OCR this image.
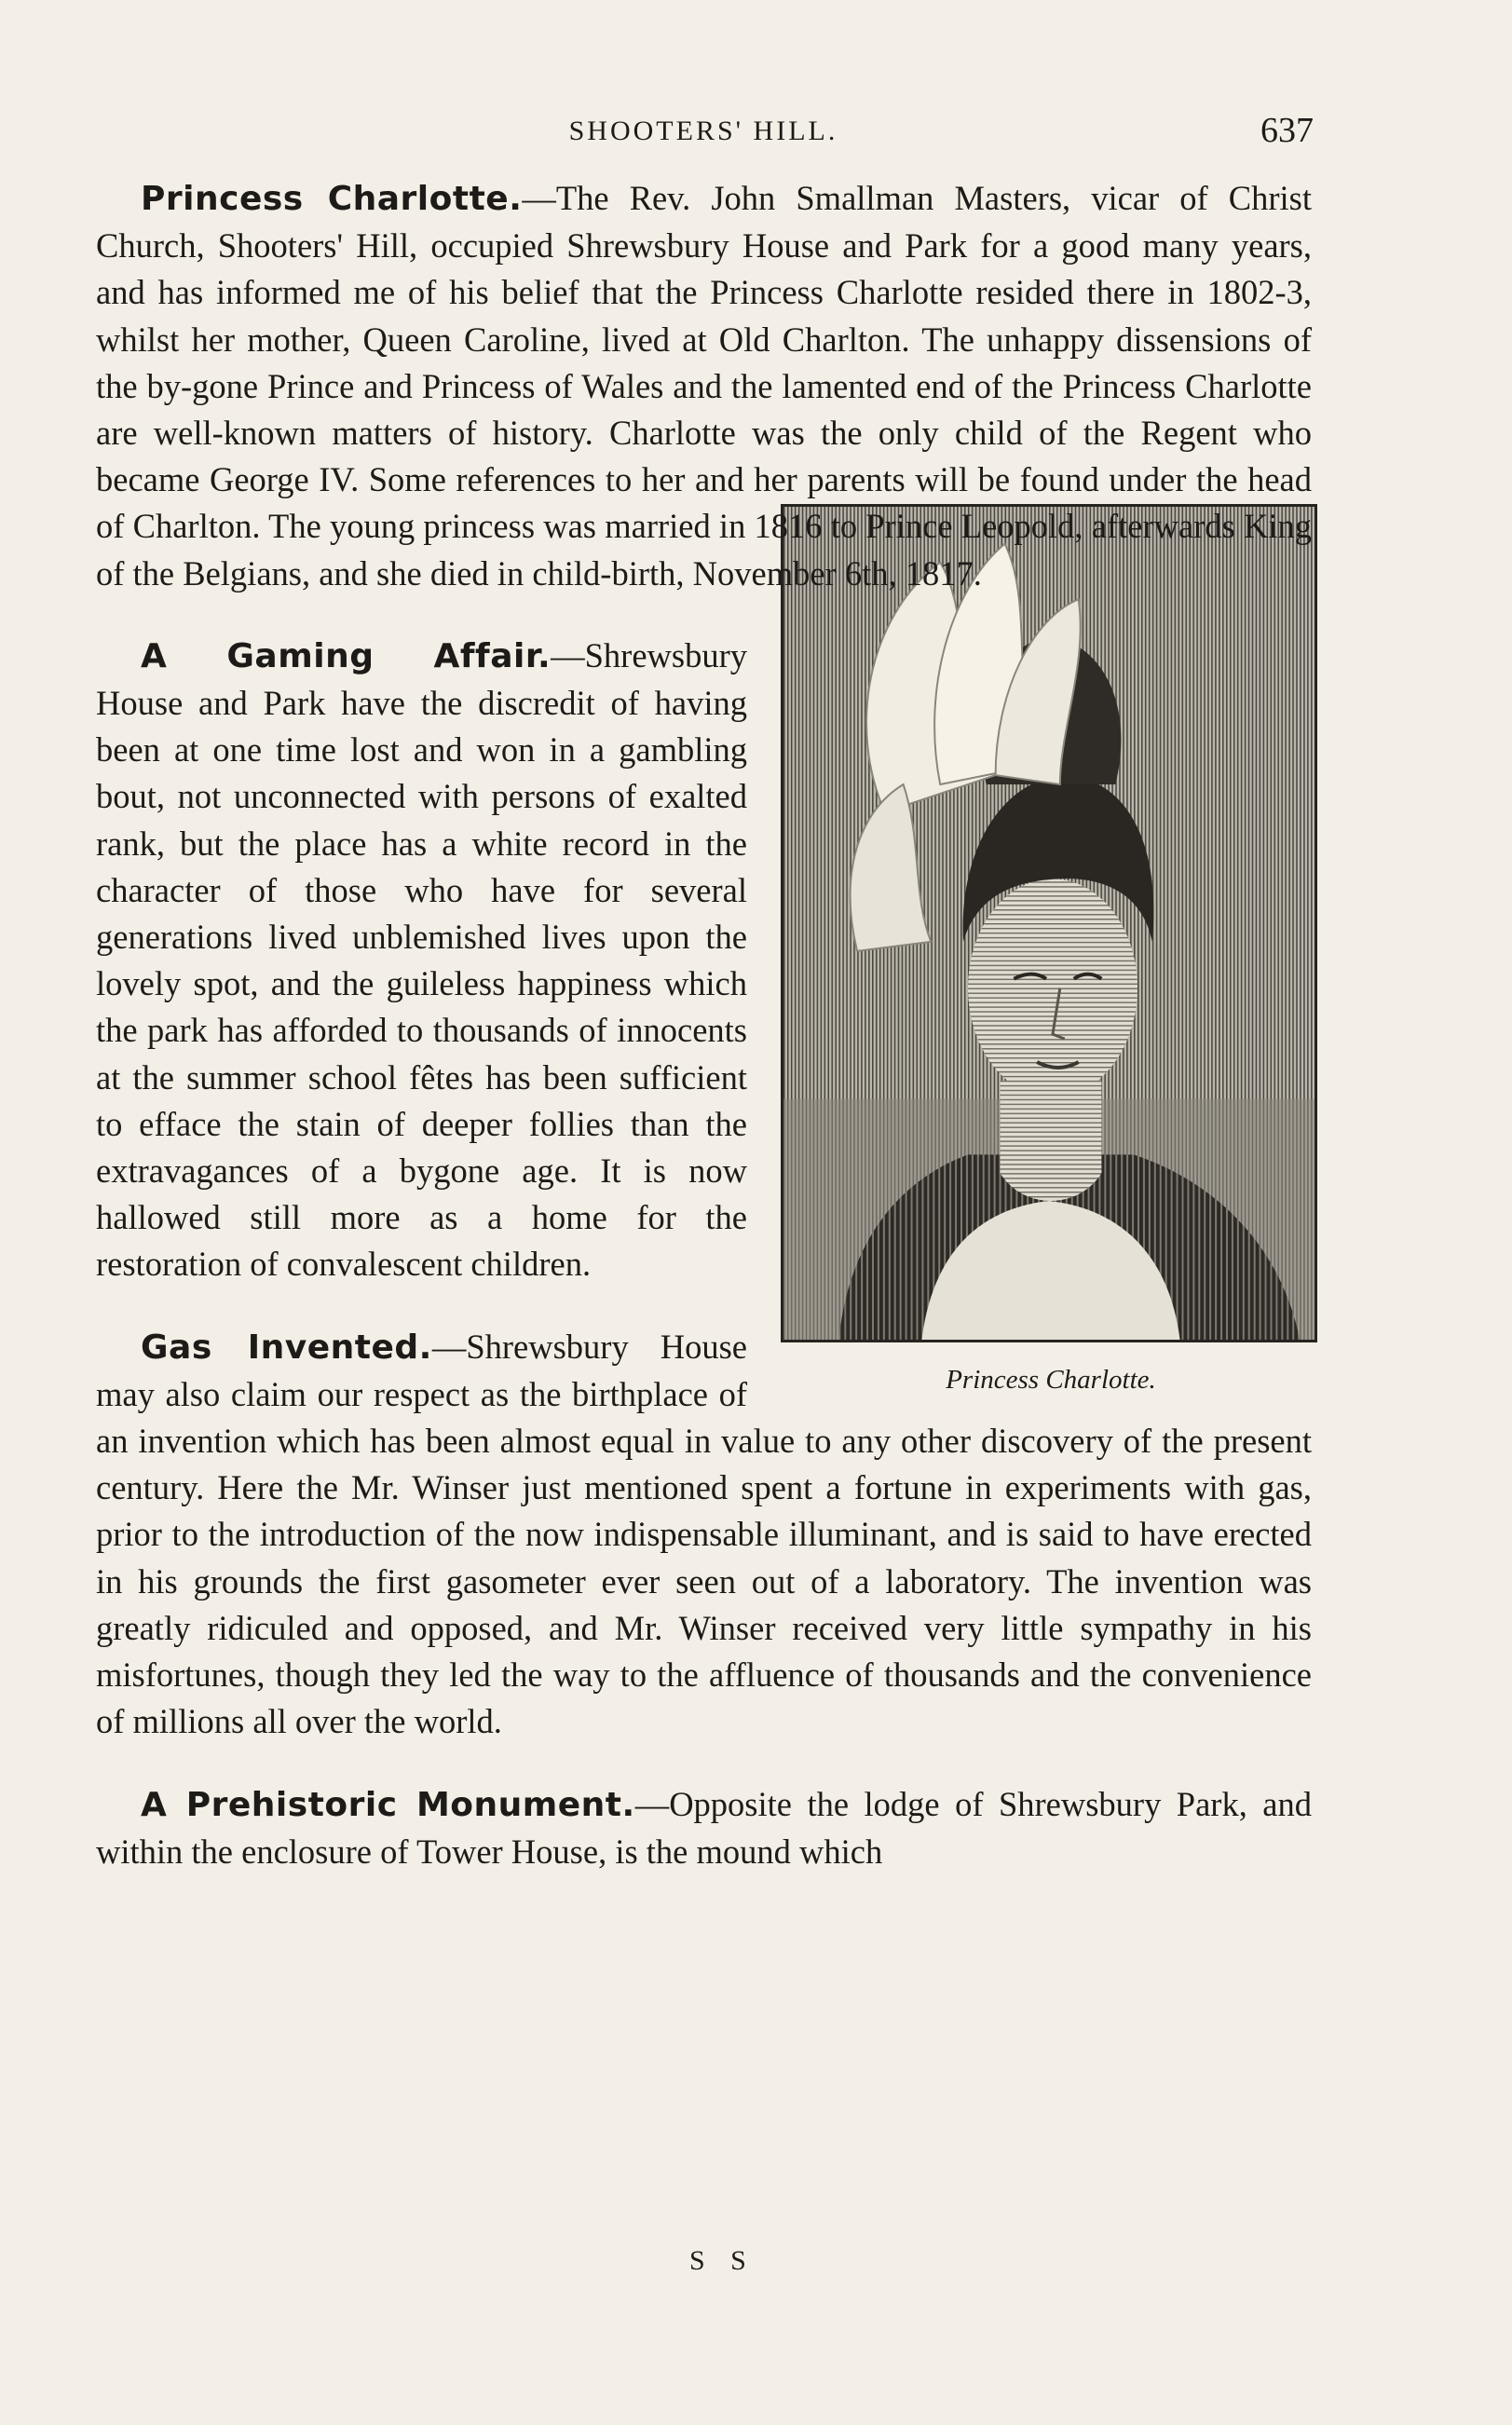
SHOOTERS' HILL.	637

Princess Charlotte.—The Rev. John Smallman Masters, vicar of Christ Church, Shooters' Hill, occupied Shrewsbury House and Park for a good many years, and has informed me of his belief that the Princess Charlotte resided there in 1802-3, whilst her mother, Queen Caroline, lived at Old Charlton. The unhappy dissensions of the by-gone Prince and Princess of Wales and the lamented end of the Princess Charlotte are well-known matters of history. Charlotte was the only child of the Regent who became George IV. Some references to her and her parents will be found under the head of Charlton. The young princess was married in 1816 to Prince Leopold, afterwards King of the Belgians, and she died in child-birth, November 6th, 1817.

Princess Charlotte.

A Gaming Affair.—Shrewsbury House and Park have the discredit of having been at one time lost and won in a gambling bout, not unconnected with persons of exalted rank, but the place has a white record in the character of those who have for several generations lived unblemished lives upon the lovely spot, and the guileless happiness which the park has afforded to thousands of innocents at the summer school fêtes has been sufficient to efface the stain of deeper follies than the extravagances of a bygone age. It is now hallowed still more as a home for the restoration of convalescent children.

Gas Invented.—Shrewsbury House may also claim our respect as the birthplace of an invention which has been almost equal in value to any other discovery of the present century. Here the Mr. Winser just mentioned spent a fortune in experiments with gas, prior to the introduction of the now indispensable illuminant, and is said to have erected in his grounds the first gasometer ever seen out of a laboratory. The invention was greatly ridiculed and opposed, and Mr. Winser received very little sympathy in his misfortunes, though they led the way to the affluence of thousands and the convenience of millions all over the world.

A Prehistoric Monument.—Opposite the lodge of Shrewsbury Park, and within the enclosure of Tower House, is the mound which

S S
